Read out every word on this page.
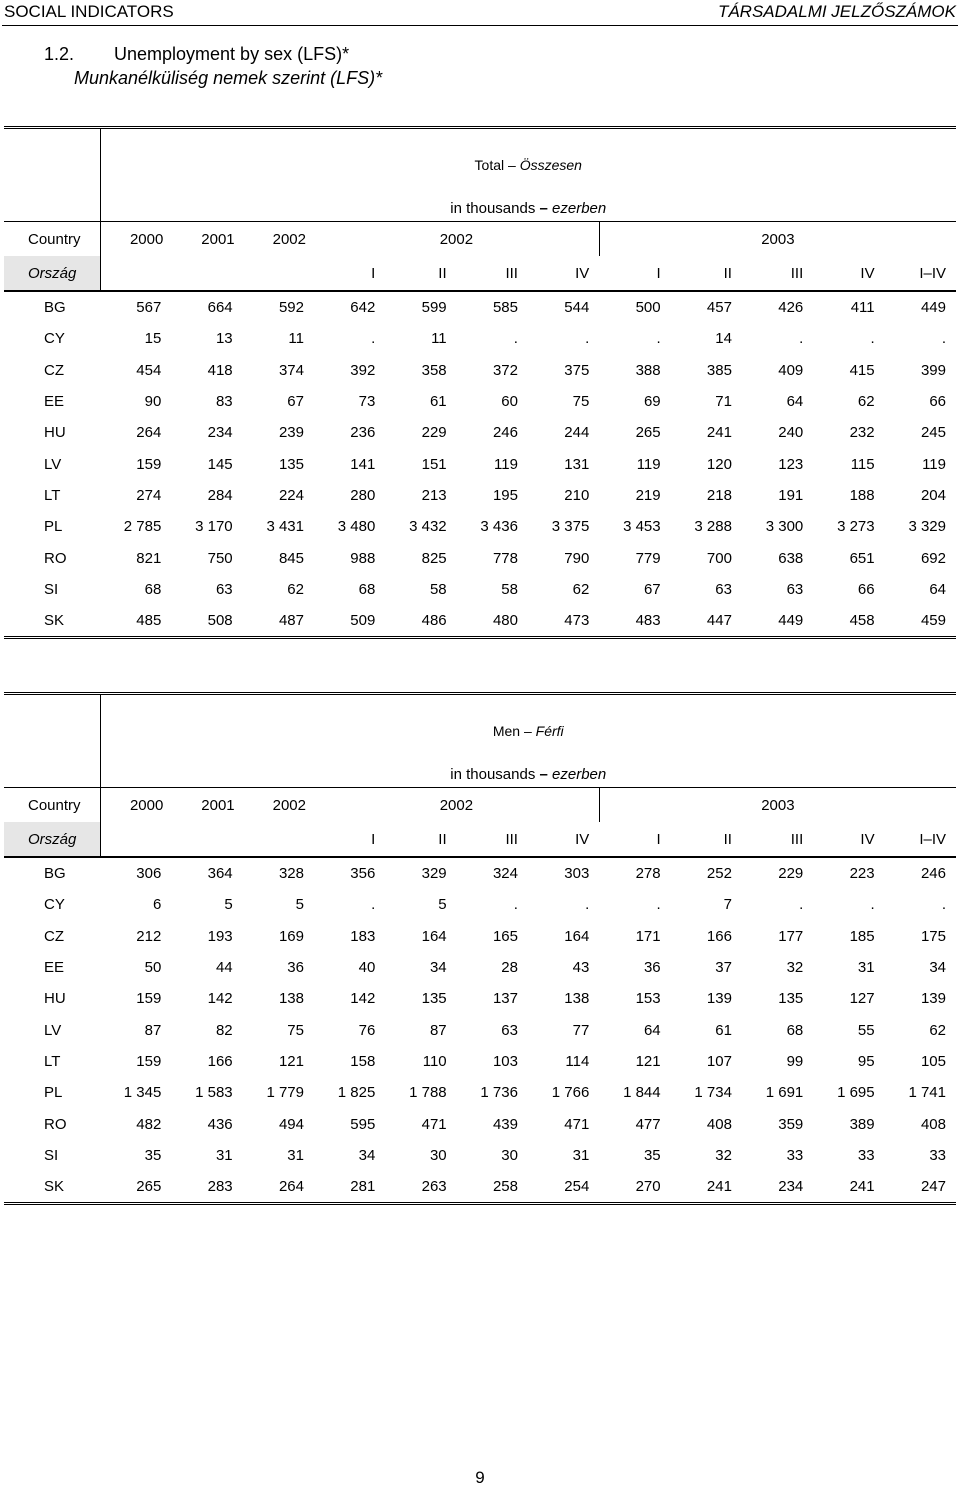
SOCIAL INDICATORS	TÁRSADALMI JELZŐSZÁMOK
1.2. Unemployment by sex (LFS)*
Munkanélküliség nemek szerint (LFS)*

	Total – Összesen											
	in thousands – ezerben											
Country	2000	2001	2002	2002				2003				
Ország				I	II	III	IV	I	II	III	IV	I–IV
BG	567	664	592	642	599	585	544	500	457	426	411	449
CY	15	13	11	.	11	.	.	.	14	.	.	.
CZ	454	418	374	392	358	372	375	388	385	409	415	399
EE	90	83	67	73	61	60	75	69	71	64	62	66
HU	264	234	239	236	229	246	244	265	241	240	232	245
LV	159	145	135	141	151	119	131	119	120	123	115	119
LT	274	284	224	280	213	195	210	219	218	191	188	204
PL	2 785	3 170	3 431	3 480	3 432	3 436	3 375	3 453	3 288	3 300	3 273	3 329
RO	821	750	845	988	825	778	790	779	700	638	651	692
SI	68	63	62	68	58	58	62	67	63	63	66	64
SK	485	508	487	509	486	480	473	483	447	449	458	459

	Men – Férfi											
	in thousands – ezerben											
Country	2000	2001	2002	2002				2003				
Ország				I	II	III	IV	I	II	III	IV	I–IV
BG	306	364	328	356	329	324	303	278	252	229	223	246
CY	6	5	5	.	5	.	.	.	7	.	.	.
CZ	212	193	169	183	164	165	164	171	166	177	185	175
EE	50	44	36	40	34	28	43	36	37	32	31	34
HU	159	142	138	142	135	137	138	153	139	135	127	139
LV	87	82	75	76	87	63	77	64	61	68	55	62
LT	159	166	121	158	110	103	114	121	107	99	95	105
PL	1 345	1 583	1 779	1 825	1 788	1 736	1 766	1 844	1 734	1 691	1 695	1 741
RO	482	436	494	595	471	439	471	477	408	359	389	408
SI	35	31	31	34	30	30	31	35	32	33	33	33
SK	265	283	264	281	263	258	254	270	241	234	241	247
9
